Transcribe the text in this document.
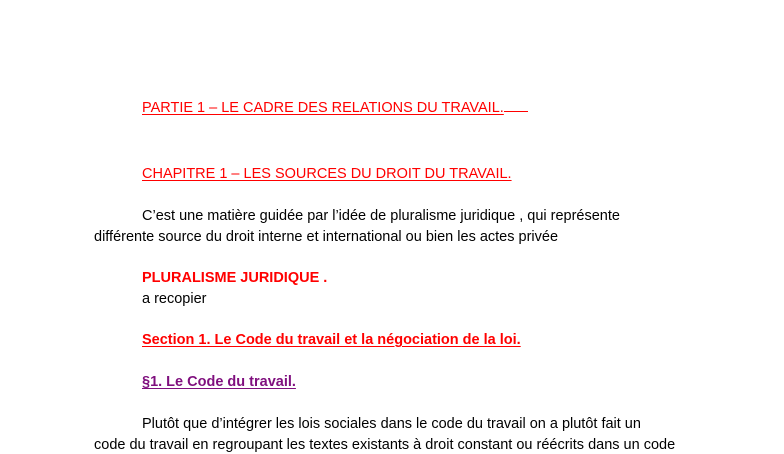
PARTIE 1 – LE CADRE DES RELATIONS DU TRAVAIL.
CHAPITRE 1 – LES SOURCES DU DROIT DU TRAVAIL.
C’est une matière guidée par l’idée de pluralisme juridique , qui représente
différente source du droit interne et international ou bien les actes privée
PLURALISME JURIDIQUE .
a recopier
Section 1. Le Code du travail et la négociation de la loi.
§1. Le Code du travail.
Plutôt que d’intégrer les lois sociales dans le code du travail on a plutôt fait un
code du travail en regroupant les textes existants à droit constant ou réécrits dans un code
